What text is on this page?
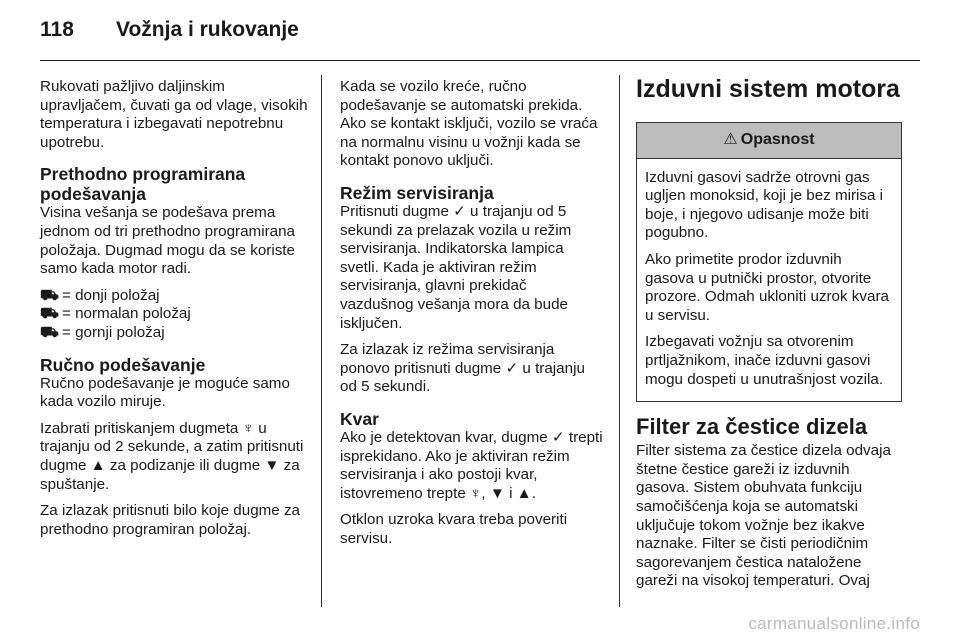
118 Vožnja i rukovanje

Rukovati pažljivo daljinskim upravljačem, čuvati ga od vlage, visokih temperatura i izbegavati nepotrebnu upotrebu.

Prethodno programirana podešavanja

Visina vešanja se podešava prema jednom od tri prethodno programirana položaja. Dugmad mogu da se koriste samo kada motor radi.

⛟ = donji položaj
⛟ = normalan položaj
⛟ = gornji položaj
Ručno podešavanje

Ručno podešavanje je moguće samo kada vozilo miruje.

Izabrati pritiskanjem dugmeta ♆ u trajanju od 2 sekunde, a zatim pritisnuti dugme ▲ za podizanje ili dugme ▼ za spuštanje.

Za izlazak pritisnuti bilo koje dugme za prethodno programiran položaj.

Kada se vozilo kreće, ručno podešavanje se automatski prekida. Ako se kontakt isključi, vozilo se vraća na normalnu visinu u vožnji kada se kontakt ponovo uključi.

Režim servisiranja

Pritisnuti dugme ✓ u trajanju od 5 sekundi za prelazak vozila u režim servisiranja. Indikatorska lampica svetli. Kada je aktiviran režim servisiranja, glavni prekidač vazdušnog vešanja mora da bude isključen.

Za izlazak iz režima servisiranja ponovo pritisnuti dugme ✓ u trajanju od 5 sekundi.

Kvar

Ako je detektovan kvar, dugme ✓ trepti isprekidano. Ako je aktiviran režim servisiranja i ako postoji kvar, istovremeno trepte ♆, ▼ i ▲.

Otklon uzroka kvara treba poveriti servisu.

Izduvni sistem motora
⚠ Opasnost

Izduvni gasovi sadrže otrovni gas ugljen monoksid, koji je bez mirisa i boje, i njegovo udisanje može biti pogubno.

Ako primetite prodor izduvnih gasova u putnički prostor, otvorite prozore. Odmah ukloniti uzrok kvara u servisu.

Izbegavati vožnju sa otvorenim prtljažnikom, inače izduvni gasovi mogu dospeti u unutrašnjost vozila.

Filter za čestice dizela

Filter sistema za čestice dizela odvaja štetne čestice gareži iz izduvnih gasova. Sistem obuhvata funkciju samočišćenja koja se automatski uključuje tokom vožnje bez ikakve naznake. Filter se čisti periodičnim sagorevanjem čestica nataložene gareži na visokoj temperaturi. Ovaj

carmanualsonline.info
